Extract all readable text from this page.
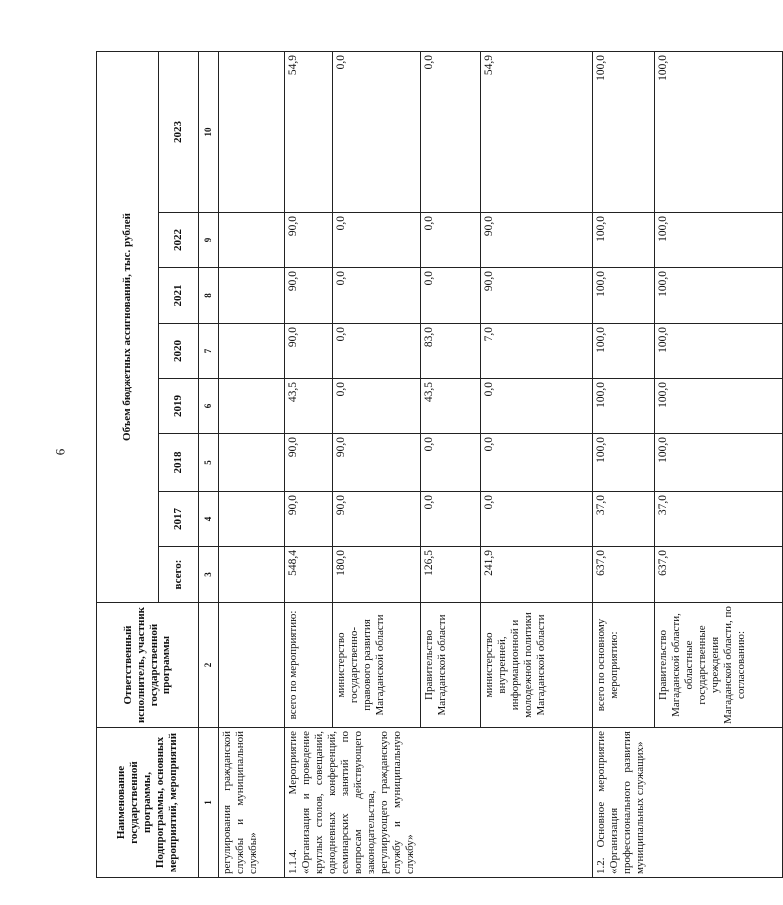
6
Наименование государственной программы, Подпрограммы, основных мероприятий, мероприятий	Ответственный исполнитель, участник государственной программы	Объем бюджетных ассигнований, тыс. рублей							
		всего:	2017	2018	2019	2020	2021	2022	2023
1	2	3	4	5	6	7	8	9	10
регулирования гражданской службы и муниципальной службы»									
1.1.4. Мероприятие «Организация и проведение круглых столов, совещаний, однодневных конференций, семинарских занятий по вопросам действующего законодательства, регулирующего гражданскую службу и муниципальную службу»	всего по мероприятию:	548,4	90,0	90,0	43,5	90,0	90,0	90,0	54,9
	министерство государственно-правового развития Магаданской области	180,0	90,0	90,0	0,0	0,0	0,0	0,0	0,0
	Правительство Магаданской области	126,5	0,0	0,0	43,5	83,0	0,0	0,0	0,0
	министерство внутренней, информационной и молодежной политики Магаданской области	241,9	0,0	0,0	0,0	7,0	90,0	90,0	54,9
1.2. Основное мероприятие «Организация профессионального развития муниципальных служащих»	всего по основному мероприятию:	637,0	37,0	100,0	100,0	100,0	100,0	100,0	100,0
	Правительство Магаданской области, областные государственные учреждения Магаданской области, по согласованию:	637,0	37,0	100,0	100,0	100,0	100,0	100,0	100,0
